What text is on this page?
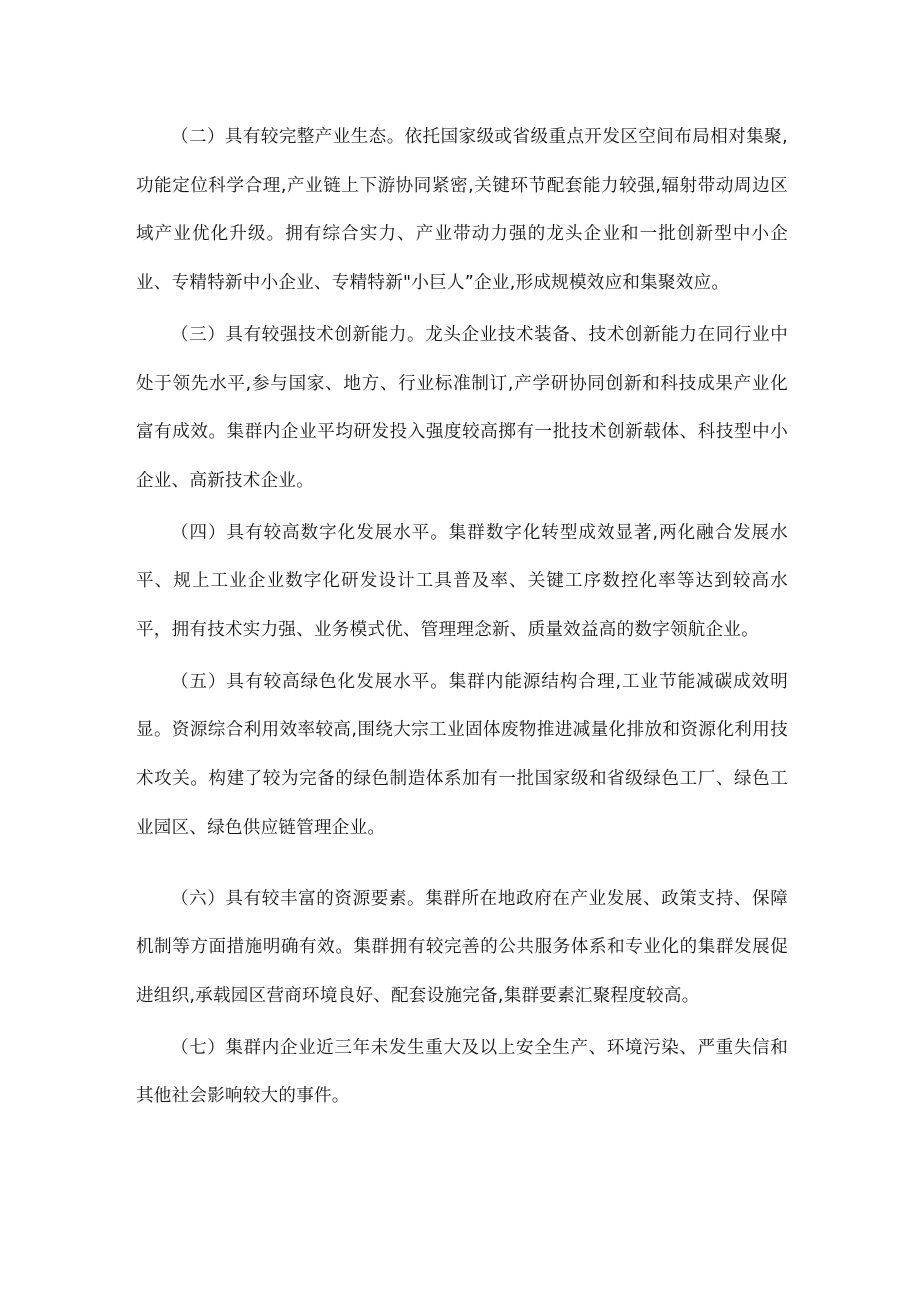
（二）具有较完整产业生态。依托国家级或省级重点开发区空间布局相对集聚,功能定位科学合理,产业链上下游协同紧密,关键环节配套能力较强,辐射带动周边区域产业优化升级。拥有综合实力、产业带动力强的龙头企业和一批创新型中小企业、专精特新中小企业、专精特新"小巨人”企业,形成规模效应和集聚效应。

（三）具有较强技术创新能力。龙头企业技术装备、技术创新能力在同行业中处于领先水平,参与国家、地方、行业标准制订,产学研协同创新和科技成果产业化富有成效。集群内企业平均研发投入强度较高掷有一批技术创新载体、科技型中小企业、高新技术企业。

（四）具有较高数字化发展水平。集群数字化转型成效显著,两化融合发展水平、规上工业企业数字化研发设计工具普及率、关键工序数控化率等达到较高水平，拥有技术实力强、业务模式优、管理理念新、质量效益高的数字领航企业。

（五）具有较高绿色化发展水平。集群内能源结构合理,工业节能减碳成效明显。资源综合利用效率较高,围绕大宗工业固体废物推进减量化排放和资源化利用技术攻关。构建了较为完备的绿色制造体系加有一批国家级和省级绿色工厂、绿色工业园区、绿色供应链管理企业。

（六）具有较丰富的资源要素。集群所在地政府在产业发展、政策支持、保障机制等方面措施明确有效。集群拥有较完善的公共服务体系和专业化的集群发展促进组织,承载园区营商环境良好、配套设施完备,集群要素汇聚程度较高。

（七）集群内企业近三年未发生重大及以上安全生产、环境污染、严重失信和其他社会影响较大的事件。
